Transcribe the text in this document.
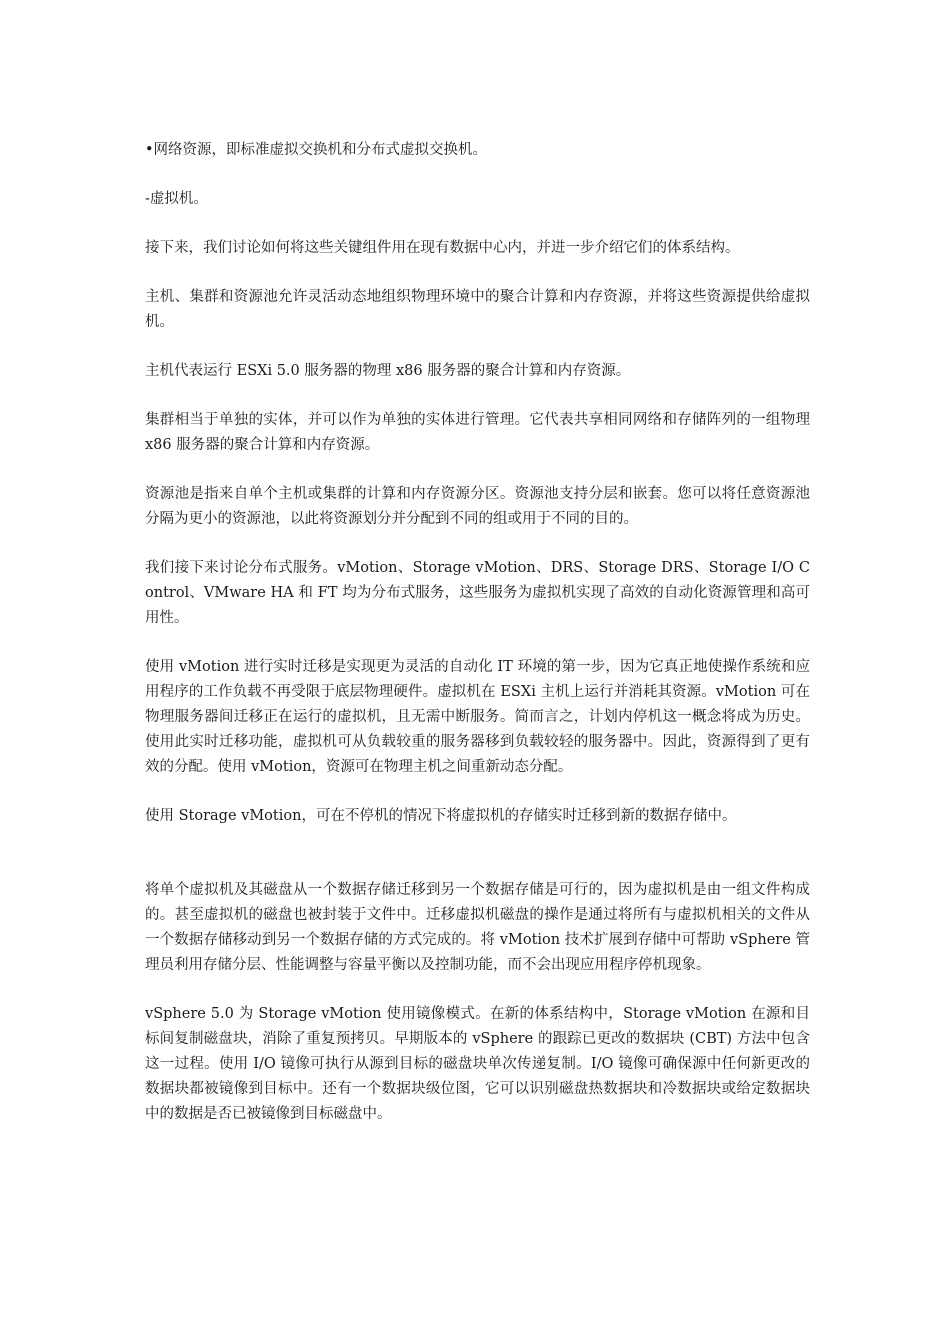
•网络资源，即标准虚拟交换机和分布式虚拟交换机。

-虚拟机。

接下来，我们讨论如何将这些关键组件用在现有数据中心内，并进一步介绍它们的体系结构。

主机、集群和资源池允许灵活动态地组织物理环境中的聚合计算和内存资源，并将这些资源提供给虚拟机。

主机代表运行 ESXi 5.0 服务器的物理 x86 服务器的聚合计算和内存资源。

集群相当于单独的实体，并可以作为单独的实体进行管理。它代表共享相同网络和存储阵列的一组物理 x86 服务器的聚合计算和内存资源。

资源池是指来自单个主机或集群的计算和内存资源分区。资源池支持分层和嵌套。您可以将任意资源池分隔为更小的资源池，以此将资源划分并分配到不同的组或用于不同的目的。

我们接下来讨论分布式服务。vMotion、Storage vMotion、DRS、Storage DRS、Storage I/O Control、VMware HA 和 FT 均为分布式服务，这些服务为虚拟机实现了高效的自动化资源管理和高可用性。

使用 vMotion 进行实时迁移是实现更为灵活的自动化 IT 环境的第一步，因为它真正地使操作系统和应用程序的工作负载不再受限于底层物理硬件。虚拟机在 ESXi 主机上运行并消耗其资源。vMotion 可在物理服务器间迁移正在运行的虚拟机，且无需中断服务。简而言之，计划内停机这一概念将成为历史。使用此实时迁移功能，虚拟机可从负载较重的服务器移到负载较轻的服务器中。因此，资源得到了更有效的分配。使用 vMotion，资源可在物理主机之间重新动态分配。

使用 Storage vMotion，可在不停机的情况下将虚拟机的存储实时迁移到新的数据存储中。

将单个虚拟机及其磁盘从一个数据存储迁移到另一个数据存储是可行的，因为虚拟机是由一组文件构成的。甚至虚拟机的磁盘也被封装于文件中。迁移虚拟机磁盘的操作是通过将所有与虚拟机相关的文件从一个数据存储移动到另一个数据存储的方式完成的。将 vMotion 技术扩展到存储中可帮助 vSphere 管理员利用存储分层、性能调整与容量平衡以及控制功能，而不会出现应用程序停机现象。

vSphere 5.0 为 Storage vMotion 使用镜像模式。在新的体系结构中，Storage vMotion 在源和目标间复制磁盘块，消除了重复预拷贝。早期版本的 vSphere 的跟踪已更改的数据块 (CBT) 方法中包含这一过程。使用 I/O 镜像可执行从源到目标的磁盘块单次传递复制。I/O 镜像可确保源中任何新更改的数据块都被镜像到目标中。还有一个数据块级位图，它可以识别磁盘热数据块和冷数据块或给定数据块中的数据是否已被镜像到目标磁盘中。
